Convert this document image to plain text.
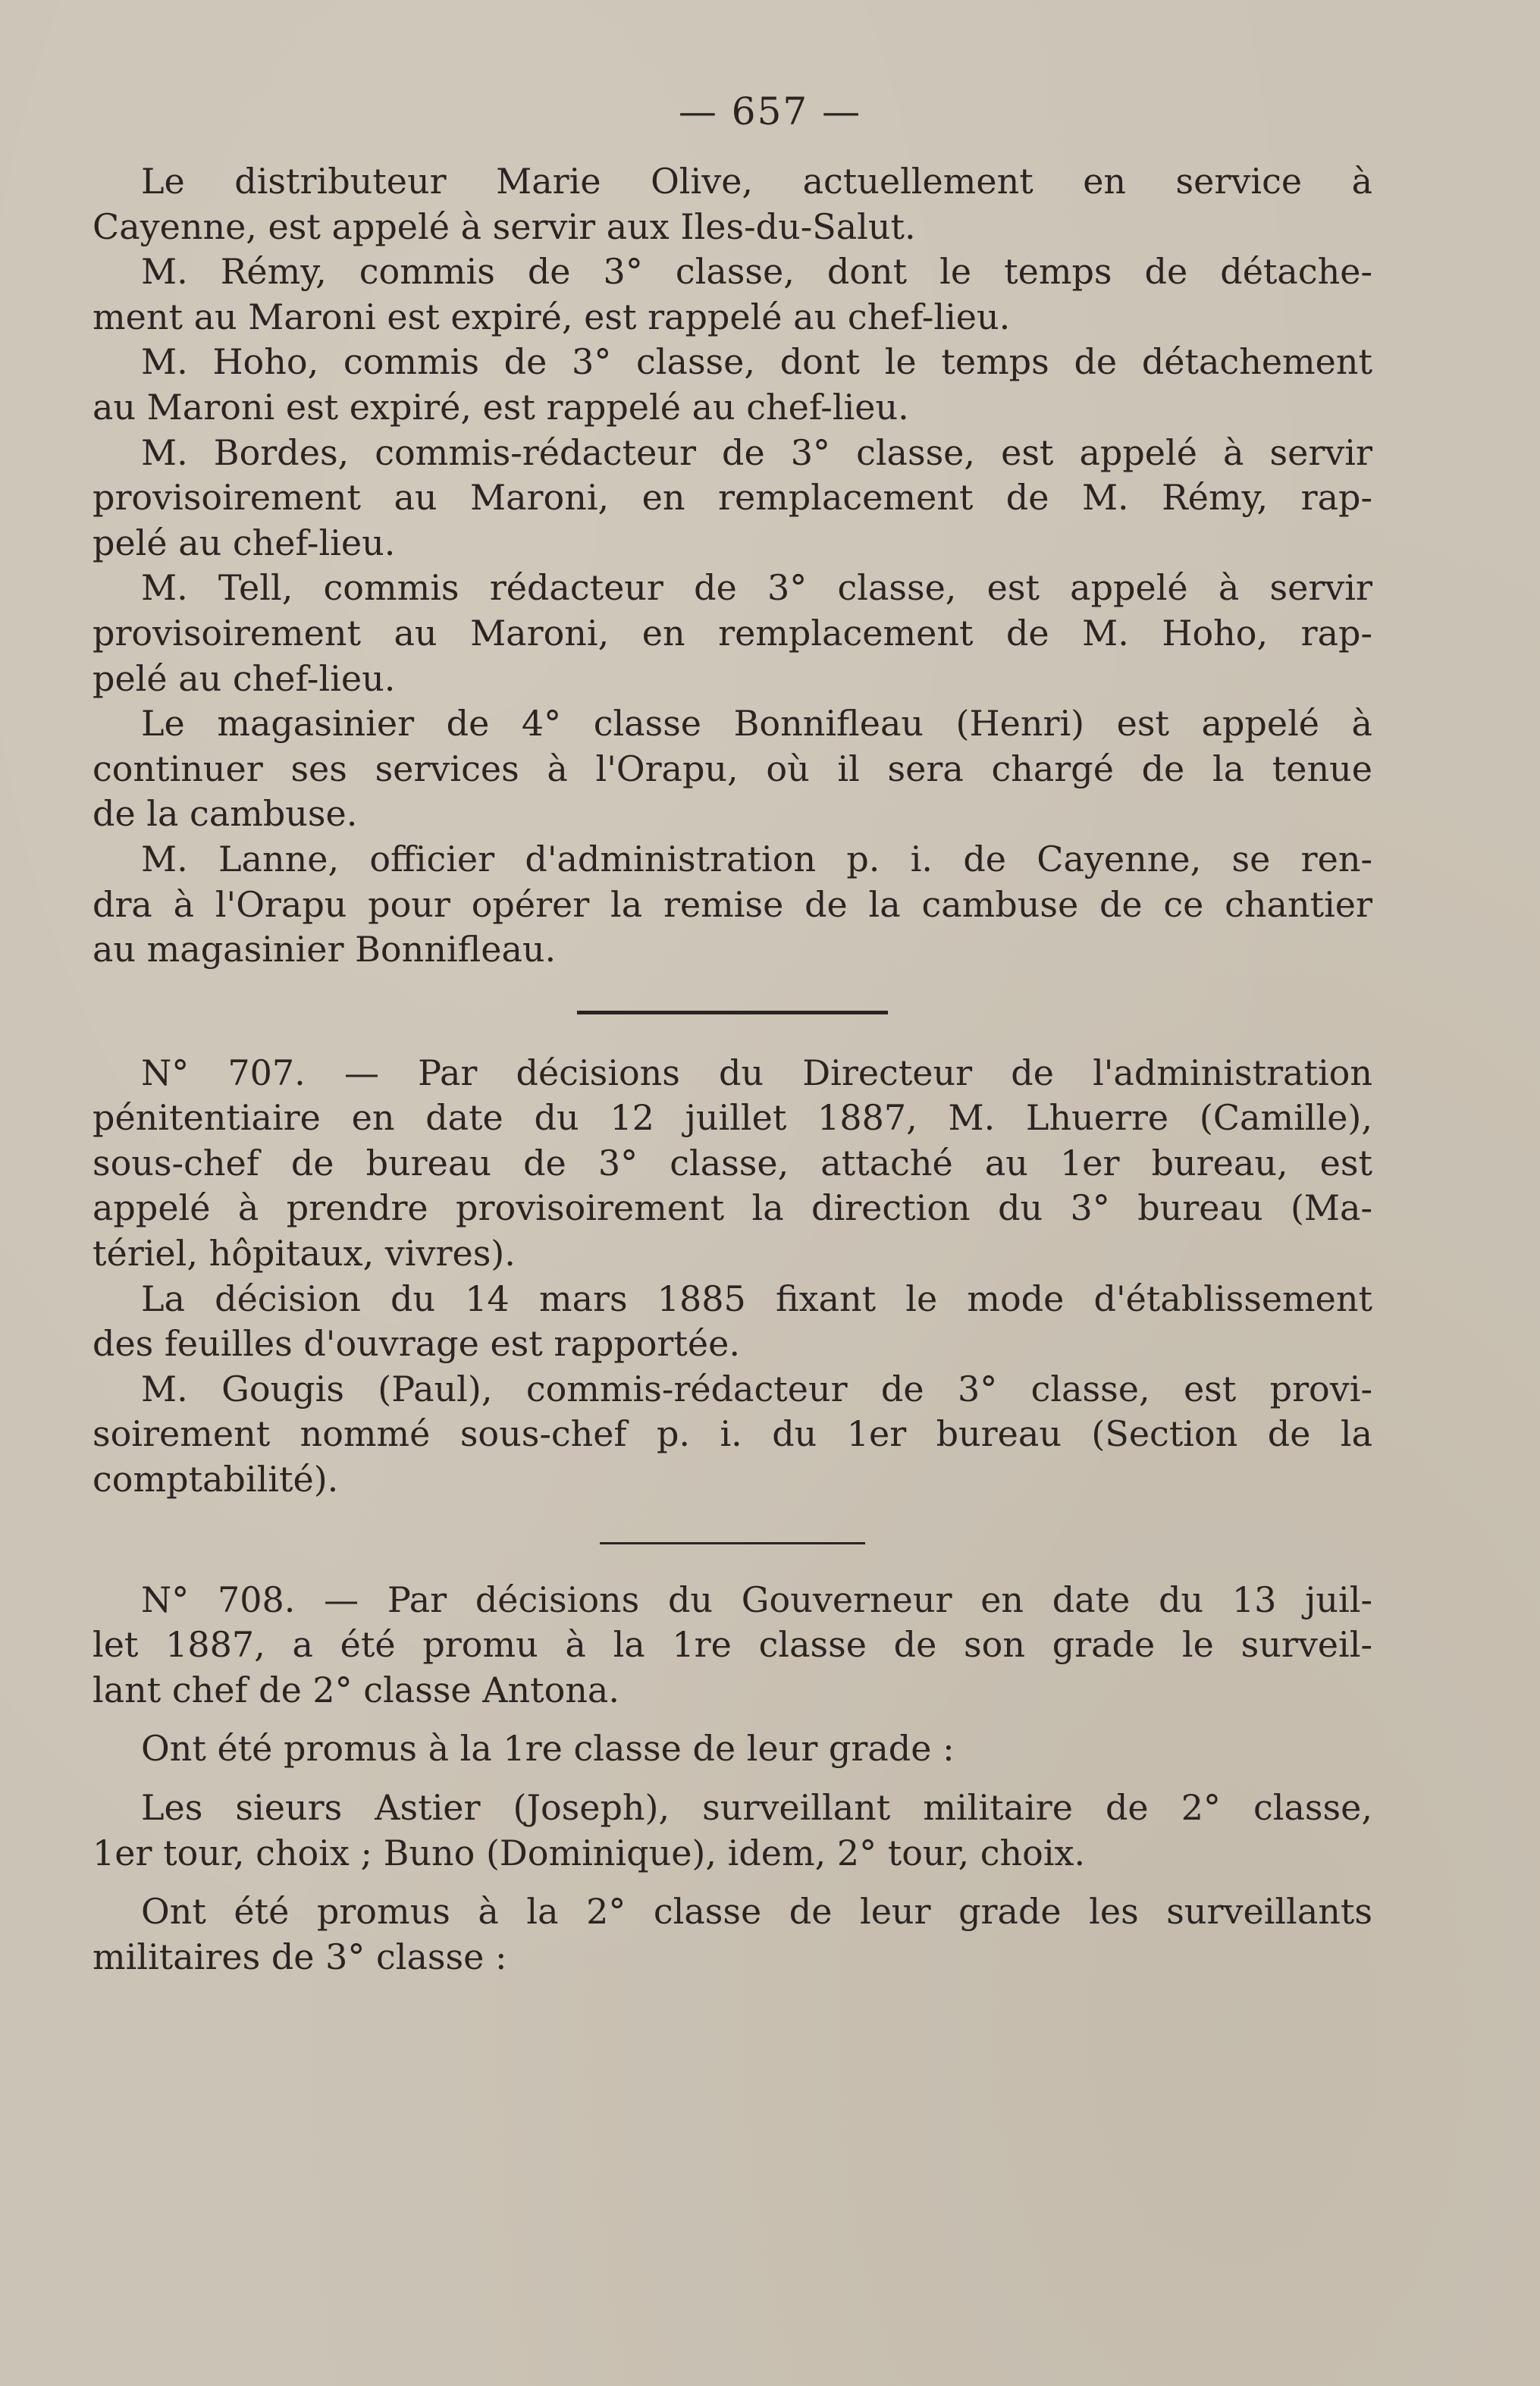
— 657 —
Le distributeur Marie Olive, actuellement en service à
Cayenne, est appelé à servir aux Iles-du-Salut.
M. Rémy, commis de 3° classe, dont le temps de détache-
ment au Maroni est expiré, est rappelé au chef-lieu.
M. Hoho, commis de 3° classe, dont le temps de détachement
au Maroni est expiré, est rappelé au chef-lieu.
M. Bordes, commis-rédacteur de 3° classe, est appelé à servir
provisoirement au Maroni, en remplacement de M. Rémy, rap-
pelé au chef-lieu.
M. Tell, commis rédacteur de 3° classe, est appelé à servir
provisoirement au Maroni, en remplacement de M. Hoho, rap-
pelé au chef-lieu.
Le magasinier de 4° classe Bonnifleau (Henri) est appelé à
continuer ses services à l'Orapu, où il sera chargé de la tenue
de la cambuse.
M. Lanne, officier d'administration p. i. de Cayenne, se ren-
dra à l'Orapu pour opérer la remise de la cambuse de ce chantier
au magasinier Bonnifleau.
N° 707. — Par décisions du Directeur de l'administration
pénitentiaire en date du 12 juillet 1887, M. Lhuerre (Camille),
sous-chef de bureau de 3° classe, attaché au 1er bureau, est
appelé à prendre provisoirement la direction du 3° bureau (Ma-
tériel, hôpitaux, vivres).
La décision du 14 mars 1885 fixant le mode d'établissement
des feuilles d'ouvrage est rapportée.
M. Gougis (Paul), commis-rédacteur de 3° classe, est provi-
soirement nommé sous-chef p. i. du 1er bureau (Section de la
comptabilité).
N° 708. — Par décisions du Gouverneur en date du 13 juil-
let 1887, a été promu à la 1re classe de son grade le surveil-
lant chef de 2° classe Antona.
Ont été promus à la 1re classe de leur grade :
Les sieurs Astier (Joseph), surveillant militaire de 2° classe,
1er tour, choix ; Buno (Dominique), idem, 2° tour, choix.
Ont été promus à la 2° classe de leur grade les surveillants
militaires de 3° classe :
